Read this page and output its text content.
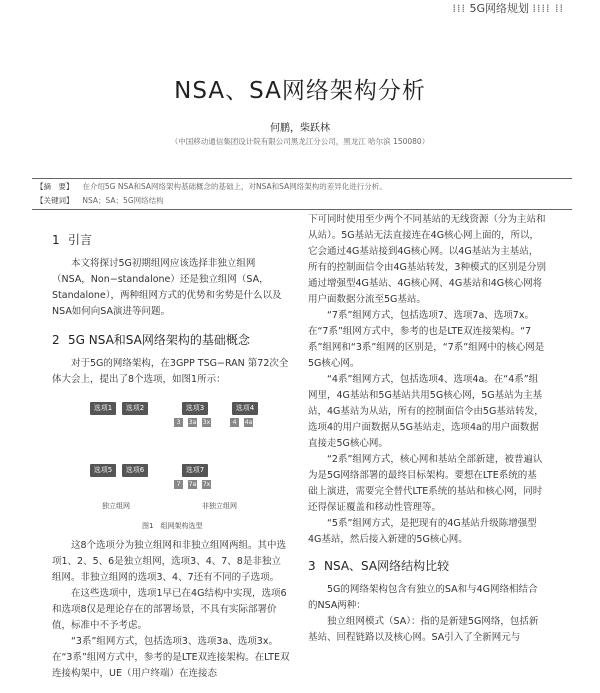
⁞⁞⁞ 5G网络规划 ⁞⁞⁞⁞ ⁞⁞
NSA、SA网络架构分析
何鹏，柴跃林
（中国移动通信集团设计院有限公司黑龙江分公司，黑龙江 哈尔滨 150080）
【摘　要】 在介绍5G NSA和SA网络架构基础概念的基础上，对NSA和SA网络架构的差异化进行分析。
【关键词】 NSA；SA；5G网络结构
1 引言

本文将探讨5G初期组网应该选择非独立组网（NSA，Non−standalone）还是独立组网（SA，Standalone），两种组网方式的优势和劣势是什么以及NSA如何向SA演进等问题。

2 5G NSA和SA网络架构的基础概念

对于5G的网络架构，在3GPP TSG−RAN 第72次全体大会上，提出了8个选项，如图1所示：

选项1	选项2
选项5	选项6
选项3
3	3a 3x
选项4
4	4a
选项7
7	7a 7x
独立组网	非独立组网
图1　组网架构选型

这8个选项分为独立组网和非独立组网两组。其中选项1、2、5、6是独立组网，选项3、4、7、8是非独立组网。非独立组网的选项3、4、7还有不同的子选项。

在这些选项中，选项1早已在4G结构中实现，选项6和选项8仅是理论存在的部署场景，不具有实际部署价值，标准中不予考虑。

“3系”组网方式，包括选项3、选项3a、选项3x。在“3系”组网方式中，参考的是LTE双连接架构。在LTE双连接构架中，UE（用户终端）在连接态

下可同时使用至少两个不同基站的无线资源（分为主站和从站）。5G基站无法直接连在4G核心网上面的，所以，它会通过4G基站接到4G核心网。以4G基站为主基站，所有的控制面信令由4G基站转发，3种模式的区别是分别通过增强型4G基站、4G核心网、4G基站和4G核心网将用户面数据分流至5G基站。

“7系”组网方式，包括选项7、选项7a、选项7x。在“7系”组网方式中，参考的也是LTE双连接架构。“7系”组网和“3系”组网的区别是，“7系”组网中的核心网是5G核心网。

“4系”组网方式，包括选项4、选项4a。在“4系”组网里，4G基站和5G基站共用5G核心网，5G基站为主基站，4G基站为从站，所有的控制面信令由5G基站转发，选项4的用户面数据从5G基站走，选项4a的用户面数据直接走5G核心网。

“2系”组网方式，核心网和基站全部新建，被普遍认为是5G网络部署的最终目标架构。要想在LTE系统的基础上演进，需要完全替代LTE系统的基站和核心网，同时还得保证覆盖和移动性管理等。

“5系”组网方式，是把现有的4G基站升级陈增强型4G基站，然后接入新建的5G核心网。

3 NSA、SA网络结构比较

5G的网络架构包含有独立的SA和与4G网络相结合的NSA两种：

独立组网模式（SA）：指的是新建5G网络，包括新基站、回程链路以及核心网。SA引入了全新网元与
